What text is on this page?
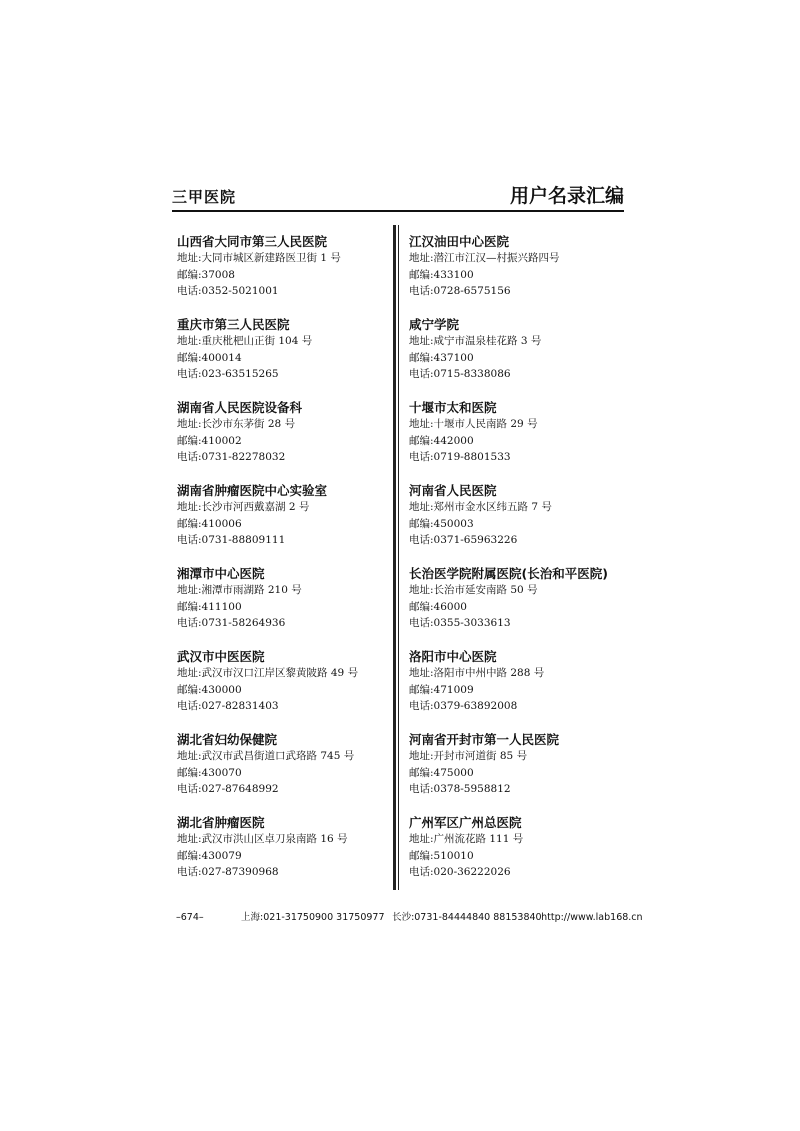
三甲医院	用户名录汇编
山西省大同市第三人民医院
地址:大同市城区新建路医卫街 1 号
邮编:37008
电话:0352-5021001
重庆市第三人民医院
地址:重庆枇杷山正街 104 号
邮编:400014
电话:023-63515265
湖南省人民医院设备科
地址:长沙市东茅街 28 号
邮编:410002
电话:0731-82278032
湖南省肿瘤医院中心实验室
地址:长沙市河西戴嘉湖 2 号
邮编:410006
电话:0731-88809111
湘潭市中心医院
地址:湘潭市雨湖路 210 号
邮编:411100
电话:0731-58264936
武汉市中医医院
地址:武汉市汉口江岸区黎黄陂路 49 号
邮编:430000
电话:027-82831403
湖北省妇幼保健院
地址:武汉市武昌街道口武珞路 745 号
邮编:430070
电话:027-87648992
湖北省肿瘤医院
地址:武汉市洪山区卓刀泉南路 16 号
邮编:430079
电话:027-87390968
江汉油田中心医院
地址:潜江市江汉—村振兴路四号
邮编:433100
电话:0728-6575156
咸宁学院
地址:咸宁市温泉桂花路 3 号
邮编:437100
电话:0715-8338086
十堰市太和医院
地址:十堰市人民南路 29 号
邮编:442000
电话:0719-8801533
河南省人民医院
地址:郑州市金水区纬五路 7 号
邮编:450003
电话:0371-65963226
长治医学院附属医院(长治和平医院)
地址:长治市延安南路 50 号
邮编:46000
电话:0355-3033613
洛阳市中心医院
地址:洛阳市中州中路 288 号
邮编:471009
电话:0379-63892008
河南省开封市第一人民医院
地址:开封市河道街 85 号
邮编:475000
电话:0378-5958812
广州军区广州总医院
地址:广州流花路 111 号
邮编:510010
电话:020-36222026
–674–	上海:021-31750900 31750977 长沙:0731-84444840 88153840 http://www.lab168.cn
